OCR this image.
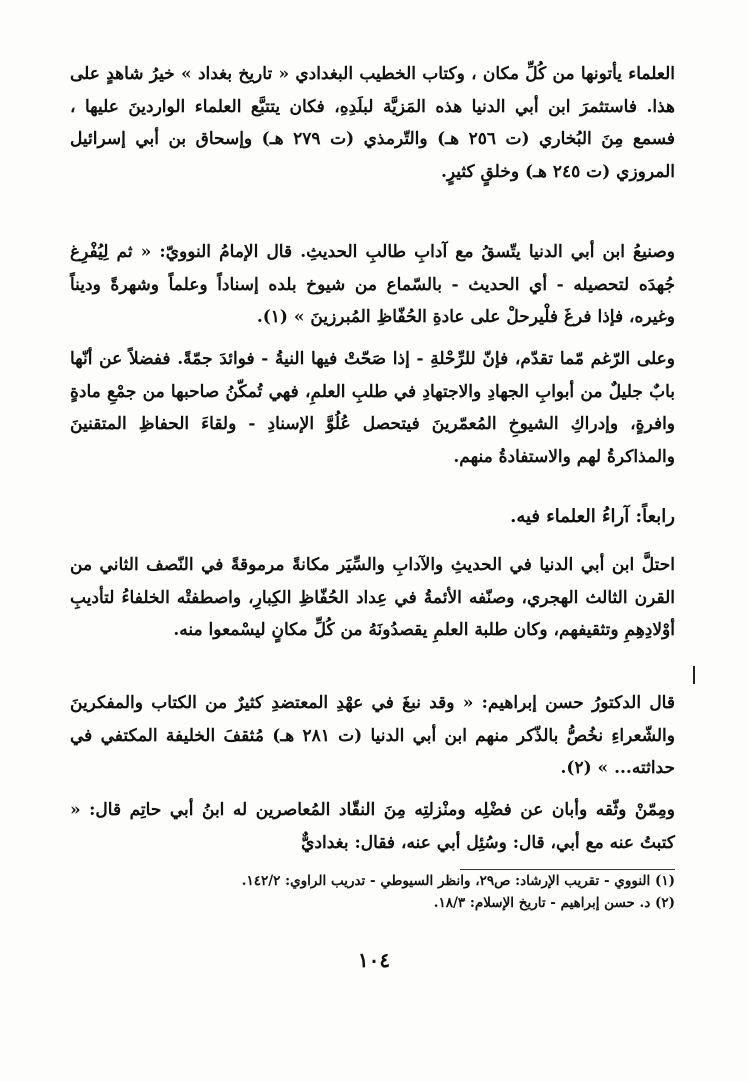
العلماء يأتونها من كُلِّ مكان ، وكتاب الخطيب البغدادي « تاريخ بغداد » خيرُ شاهدٍ على هذا. فاستثمرَ ابن أبي الدنيا هذه المَزيَّة لبلَدِهِ، فكان يتتبَّع العلماء الواردينَ عليها ، فسمع مِنَ البُخاري (ت ٢٥٦ هـ) والتّرمذي (ت ٢٧٩ هـ) وإسحاق بن أبي إسرائيل المروزي (ت ٢٤٥ هـ) وخلقٍ كثيرٍ.

وصنيعُ ابن أبي الدنيا يتّسقُ مع آدابِ طالبِ الحديثِ. قال الإمامُ النوويّ: « ثم لِيُفْرِغ جُهدَه لتحصيله - أي الحديث - بالسّماع من شيوخ بلده إسناداً وعلماً وشهرةً وديناً وغيره، فإذا فرغَ فلْيرحلْ على عادةِ الحُفّاظِ المُبرزينَ » (١).

وعلى الرّغم مّما تقدّم، فإنّ للرِّحْلةِ - إذا صَحّتْ فيها النيةُ - فوائدَ جمّةً. ففضلاً عن أنّها بابٌ جليلٌ من أبوابِ الجهادِ والاجتهادِ في طلبِ العلمِ، فهي تُمكّنُ صاحبها من جمْعِ مادةٍ وافرةٍ، وإدراكِ الشيوخِ المُعمّرينَ فيتحصل عُلُوَّ الإسنادِ - ولقاءَ الحفاظِ المتقنينَ والمذاكرةُ لهم والاستفادةُ منهم.

رابعاً: آراءُ العلماء فيه.

احتلَّ ابن أبي الدنيا في الحديثِ والآدابِ والسِّيَر مكانةً مرموقةً في النّصف الثاني من القرن الثالث الهجري، وصنّفه الأئمةُ في عِداد الحُفّاظِ الكِبارِ، واصطفتْه الخلفاءُ لتأديبِ أوْلادِهِمِ وتثقيفهم، وكان طلبة العلمِ يقصدُونَهُ من كُلِّ مكانٍ ليسْمعوا منه.

قال الدكتورُ حسن إبراهيم: « وقد نبغَ في عهْدِ المعتضدِ كثيرٌ من الكتاب والمفكرينَ والشّعراءِ نخُصُّ بالذّكر منهم ابن أبي الدنيا (ت ٢٨١ هـ) مُثقفَ الخليفة المكتفي في حداثته... » (٢).

ومِمّنْ وثّقه وأبان عن فضْلِه ومنْزلتِه مِنَ النقّاد المُعاصرين له ابنُ أبي حاتِم قال: « كتبتُ عنه مع أبي، قال: وسُئِل أبي عنه، فقال: بغداديٌّ

(١) النووي - تقريب الإرشاد: ص٢٩، وانظر السيوطي - تدريب الراوي: ١٤٢/٢.
(٢) د. حسن إبراهيم - تاريخ الإسلام: ١٨/٣.
١٠٤
